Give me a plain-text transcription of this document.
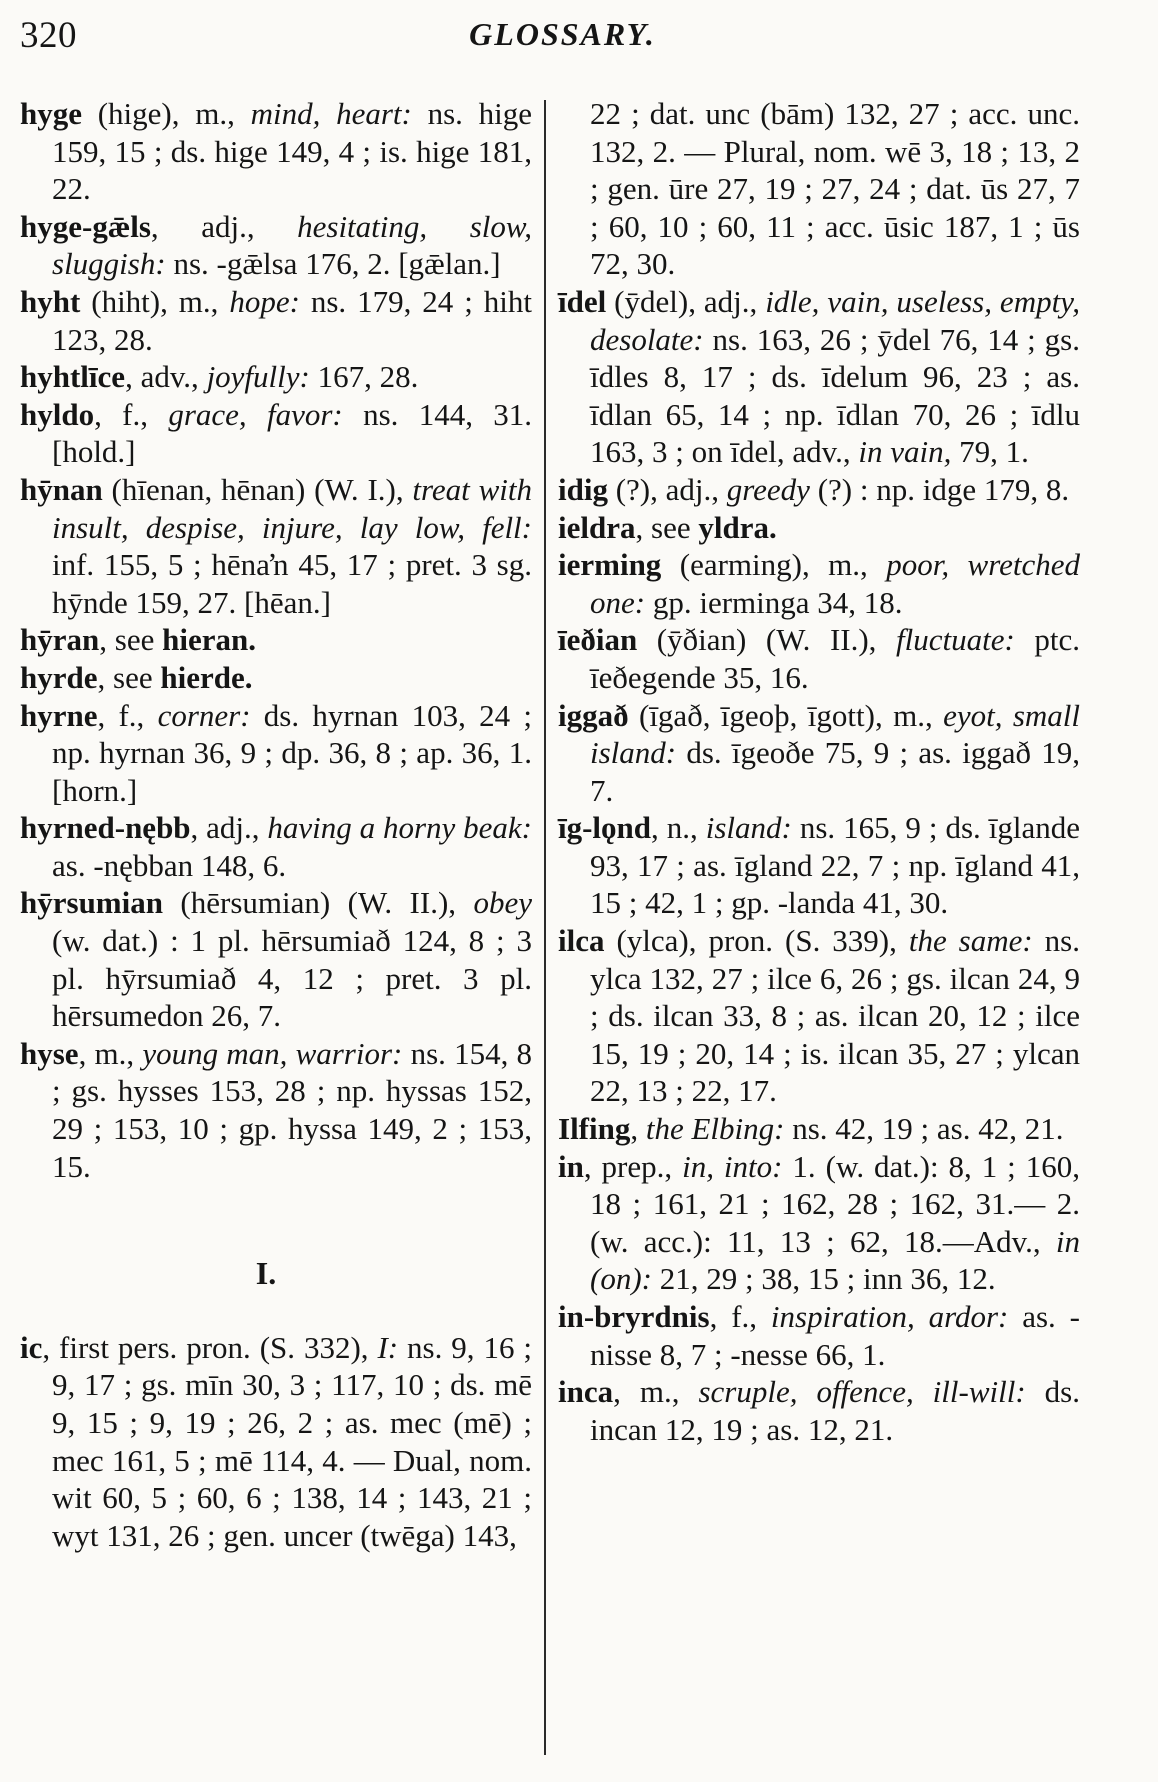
320	GLOSSARY.

hyge (hige), m., mind, heart: ns. hige 159, 15 ; ds. hige 149, 4 ; is. hige 181, 22.

hyge-gǣls, adj., hesitating, slow, sluggish: ns. -gǣlsa 176, 2. [gǣlan.]

hyht (hiht), m., hope: ns. 179, 24 ; hiht 123, 28.

hyhtlīce, adv., joyfully: 167, 28.

hyldo, f., grace, favor: ns. 144, 31. [hold.]

hȳnan (hīenan, hēnan) (W. I.), treat with insult, despise, injure, lay low, fell: inf. 155, 5 ; hēnaŉ 45, 17 ; pret. 3 sg. hȳnde 159, 27. [hēan.]

hȳran, see hieran.

hyrde, see hierde.

hyrne, f., corner: ds. hyrnan 103, 24 ; np. hyrnan 36, 9 ; dp. 36, 8 ; ap. 36, 1. [horn.]

hyrned-nębb, adj., having a horny beak: as. -nębban 148, 6.

hȳrsumian (hērsumian) (W. II.), obey (w. dat.) : 1 pl. hērsumiað 124, 8 ; 3 pl. hȳrsumiað 4, 12 ; pret. 3 pl. hērsumedon 26, 7.

hyse, m., young man, warrior: ns. 154, 8 ; gs. hysses 153, 28 ; np. hyssas 152, 29 ; 153, 10 ; gp. hyssa 149, 2 ; 153, 15.

I.

ic, first pers. pron. (S. 332), I: ns. 9, 16 ; 9, 17 ; gs. mīn 30, 3 ; 117, 10 ; ds. mē 9, 15 ; 9, 19 ; 26, 2 ; as. mec (mē) ; mec 161, 5 ; mē 114, 4. — Dual, nom. wit 60, 5 ; 60, 6 ; 138, 14 ; 143, 21 ; wyt 131, 26 ; gen. uncer (twēga) 143,

22 ; dat. unc (bām) 132, 27 ; acc. unc. 132, 2. — Plural, nom. wē 3, 18 ; 13, 2 ; gen. ūre 27, 19 ; 27, 24 ; dat. ūs 27, 7 ; 60, 10 ; 60, 11 ; acc. ūsic 187, 1 ; ūs 72, 30.

īdel (ȳdel), adj., idle, vain, useless, empty, desolate: ns. 163, 26 ; ȳdel 76, 14 ; gs. īdles 8, 17 ; ds. īdelum 96, 23 ; as. īdlan 65, 14 ; np. īdlan 70, 26 ; īdlu 163, 3 ; on īdel, adv., in vain, 79, 1.

idig (?), adj., greedy (?) : np. idge 179, 8.

ieldra, see yldra.

ierming (earming), m., poor, wretched one: gp. ierminga 34, 18.

īeðian (ȳðian) (W. II.), fluctuate: ptc. īeðegende 35, 16.

iggað (īgað, īgeoþ, īgott), m., eyot, small island: ds. īgeoðe 75, 9 ; as. iggað 19, 7.

īg-lǫnd, n., island: ns. 165, 9 ; ds. īglande 93, 17 ; as. īgland 22, 7 ; np. īgland 41, 15 ; 42, 1 ; gp. -landa 41, 30.

ilca (ylca), pron. (S. 339), the same: ns. ylca 132, 27 ; ilce 6, 26 ; gs. ilcan 24, 9 ; ds. ilcan 33, 8 ; as. ilcan 20, 12 ; ilce 15, 19 ; 20, 14 ; is. ilcan 35, 27 ; ylcan 22, 13 ; 22, 17.

Ilfing, the Elbing: ns. 42, 19 ; as. 42, 21.

in, prep., in, into: 1. (w. dat.): 8, 1 ; 160, 18 ; 161, 21 ; 162, 28 ; 162, 31.— 2. (w. acc.): 11, 13 ; 62, 18.—Adv., in (on): 21, 29 ; 38, 15 ; inn 36, 12.

in-bryrdnis, f., inspiration, ardor: as. -nisse 8, 7 ; -nesse 66, 1.

inca, m., scruple, offence, ill-will: ds. incan 12, 19 ; as. 12, 21.
